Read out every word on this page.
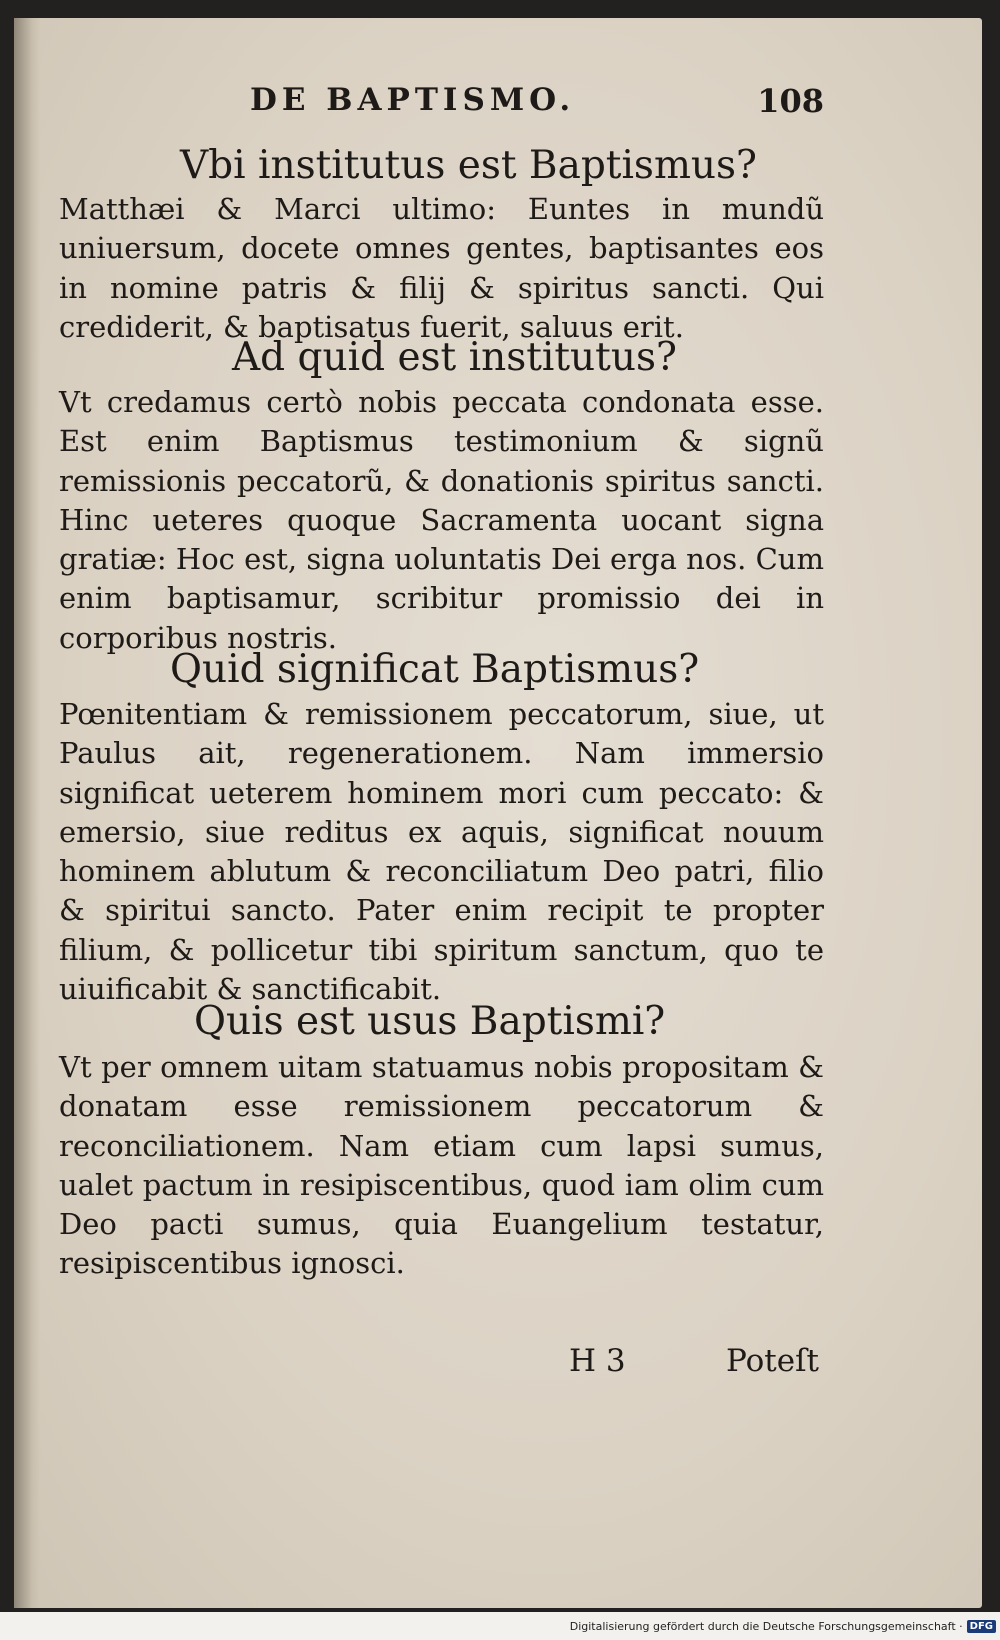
DE BAPTISMO.	108
Vbi institutus est Baptismus?
Matthæi & Marci ultimo: Euntes in mundũ uniuersum, docete omnes gentes, baptisantes eos in nomine patris & filij & spiritus sancti. Qui crediderit, & baptisatus fuerit, saluus erit.
Ad quid est institutus?
Vt credamus certò nobis peccata condonata esse. Est enim Baptismus testimonium & signũ remissionis peccatorũ, & donationis spiritus sancti. Hinc ueteres quoque Sacramenta uocant signa gratiæ: Hoc est, signa uoluntatis Dei erga nos. Cum enim baptisamur, scribitur promissio dei in corporibus nostris.
Quid significat Baptismus?
Pœnitentiam & remissionem peccatorum, siue, ut Paulus ait, regenerationem. Nam immersio significat ueterem hominem mori cum peccato: & emersio, siue reditus ex aquis, significat nouum hominem ablutum & reconciliatum Deo patri, filio & spiritui sancto. Pater enim recipit te propter filium, & pollicetur tibi spiritum sanctum, quo te uiuificabit & sanctificabit.
Quis est usus Baptismi?
Vt per omnem uitam statuamus nobis propositam & donatam esse remissionem peccatorum & reconciliationem. Nam etiam cum lapsi sumus, ualet pactum in resipiscentibus, quod iam olim cum Deo pacti sumus, quia Euangelium testatur, resipiscentibus ignosci.
H 3	Poteſt
Digitalisierung gefördert durch die Deutsche Forschungsgemeinschaft · DFG
